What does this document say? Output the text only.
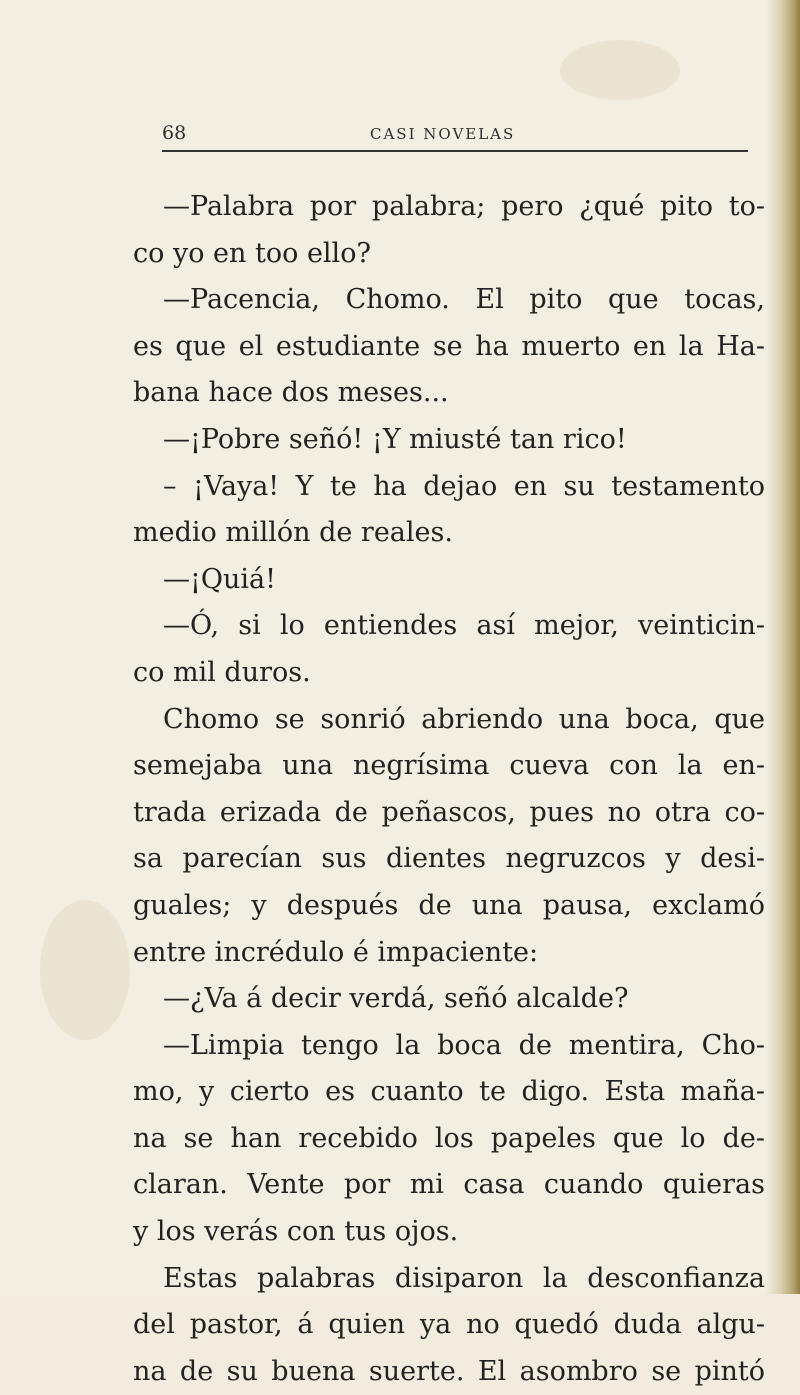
68	CASI NOVELAS
—Palabra por palabra; pero ¿qué pito to-
co yo en too ello?
—Pacencia, Chomo. El pito que tocas,
es que el estudiante se ha muerto en la Ha-
bana hace dos meses...
—¡Pobre señó! ¡Y miusté tan rico!
– ¡Vaya! Y te ha dejao en su testamento
medio millón de reales.
—¡Quiá!
—Ó, si lo entiendes así mejor, veinticin-
co mil duros.
Chomo se sonrió abriendo una boca, que
semejaba una negrísima cueva con la en-
trada erizada de peñascos, pues no otra co-
sa parecían sus dientes negruzcos y desi-
guales; y después de una pausa, exclamó
entre incrédulo é impaciente:
—¿Va á decir verdá, señó alcalde?
—Limpia tengo la boca de mentira, Cho-
mo, y cierto es cuanto te digo. Esta maña-
na se han recebido los papeles que lo de-
claran. Vente por mi casa cuando quieras
y los verás con tus ojos.
Estas palabras disiparon la desconfianza
del pastor, á quien ya no quedó duda algu-
na de su buena suerte. El asombro se pintó
